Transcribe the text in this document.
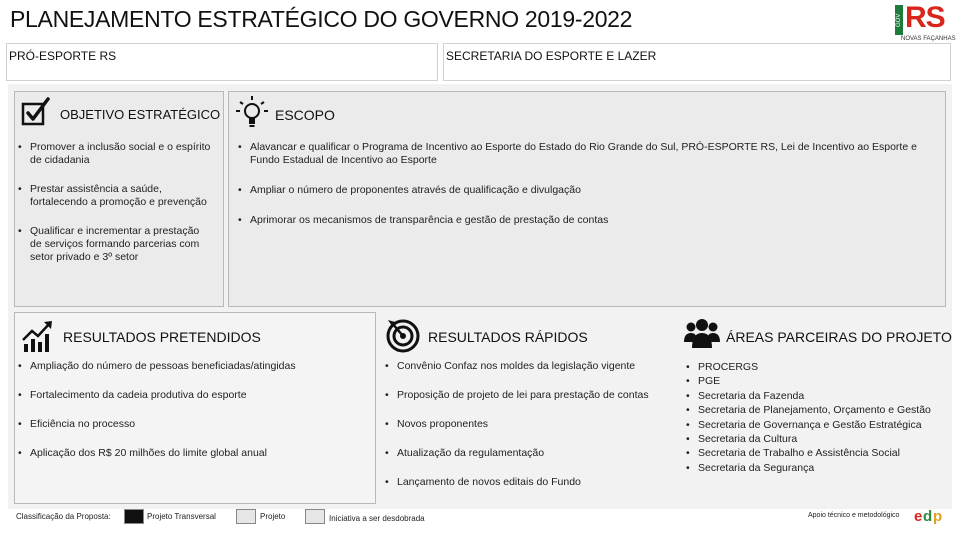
PLANEJAMENTO ESTRATÉGICO DO GOVERNO 2019-2022	GOV RS
NOVAS FAÇANHAS
PRÓ-ESPORTE RS	SECRETARIA DO ESPORTE E LAZER
OBJETIVO ESTRATÉGICO
• Promover a inclusão social e o espírito de cidadania
• Prestar assistência a saúde, fortalecendo a promoção e prevenção
• Qualificar e incrementar a prestação de serviços formando parcerias com setor privado e 3º setor
ESCOPO
• Alavancar e qualificar o Programa de Incentivo ao Esporte do Estado do Rio Grande do Sul, PRÓ-ESPORTE RS, Lei de Incentivo ao Esporte e Fundo Estadual de Incentivo ao Esporte
• Ampliar o número de proponentes através de qualificação e divulgação
• Aprimorar os mecanismos de transparência e gestão de prestação de contas
RESULTADOS PRETENDIDOS
• Ampliação do número de pessoas beneficiadas/atingidas
• Fortalecimento da cadeia produtiva do esporte
• Eficiência no processo
• Aplicação dos R$ 20 milhões do limite global anual
RESULTADOS RÁPIDOS
• Convênio Confaz nos moldes da legislação vigente
• Proposição de projeto de lei para prestação de contas
• Novos proponentes
• Atualização da regulamentação
• Lançamento de novos editais do Fundo
ÁREAS PARCEIRAS DO PROJETO
• PROCERGS
• PGE
• Secretaria da Fazenda
• Secretaria de Planejamento, Orçamento e Gestão
• Secretaria de Governança e Gestão Estratégica
• Secretaria da Cultura
• Secretaria de Trabalho e Assistência Social
• Secretaria da Segurança
Classificação da Proposta:	Projeto Transversal	Projeto	Iniciativa a ser desdobrada	Apoio técnico e metodológico e d p
